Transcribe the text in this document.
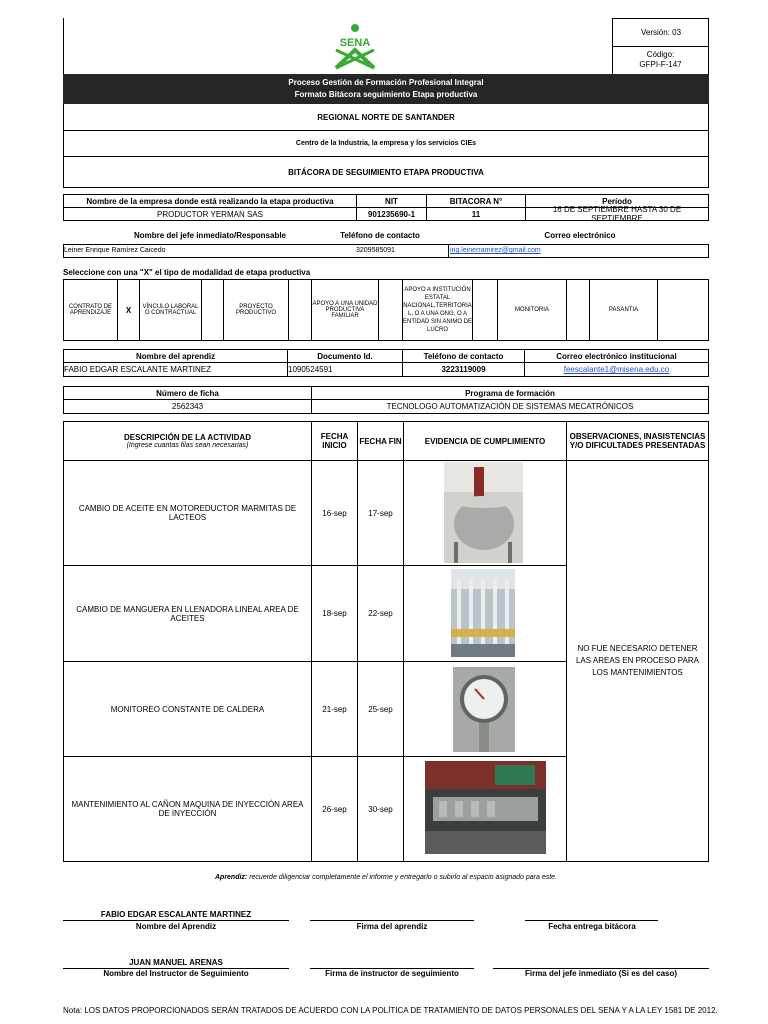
SENA
Versión: 03
Código:
GFPI-F-147
Proceso Gestión de Formación Profesional Integral
Formato Bitácora seguimiento Etapa productiva
REGIONAL NORTE DE SANTANDER
Centro de la Industria, la empresa y los servicios CIEs
BITÁCORA DE SEGUIMIENTO ETAPA PRODUCTIVA
Nombre de la empresa donde está realizando la etapa productiva	NIT	BITACORA N°	Período
PRODUCTOR YERMAN SAS	901235690-1	11	16 DE SEPTIEMBRE HASTA 30 DE SEPTIEMBRE
Nombre del jefe inmediato/Responsable	Teléfono de contacto	Correo electrónico
Leiner Enrique Ramírez Caicedo	3209585091	ing.leinerramirez@gmail.com
Seleccione con una "X" el tipo de modalidad de etapa productiva
CONTRATO DE APRENDIZAJE	X	VÍNCULO LABORAL O CONTRACTUAL
PROYECTO PRODUCTIVO
APOYO A UNA UNIDAD PRODUCTIVA FAMILIAR
APOYO A INSTITUCIÓN ESTATAL NACIONAL,TERRITORIA L, O A UNA ONG, O A ENTIDAD SIN ANIMO DE LUCRO
MONITORIA	PASANTIA
Nombre del aprendiz	Documento Id.	Teléfono de contacto	Correo electrónico institucional
FABIO EDGAR ESCALANTE MARTINEZ	1090524591	3223119009	feescalante1@misena.edu.co
Número de ficha	Programa de formación
2562343	TECNOLOGO AUTOMATIZACIÓN DE SISTEMAS MECATRÓNICOS
DESCRIPCIÓN DE LA ACTIVIDAD
(Ingrese cuantas filas sean necesarias)
FECHA INICIO	FECHA FIN	EVIDENCIA DE CUMPLIMIENTO	OBSERVACIONES, INASISTENCIAS Y/O DIFICULTADES PRESENTADAS
CAMBIO DE ACEITE EN MOTOREDUCTOR MARMITAS DE LACTEOS	16-sep	17-sep
NO FUE NECESARIO DETENER LAS AREAS EN PROCESO PARA LOS MANTENIMIENTOS
CAMBIO DE MANGUERA EN LLENADORA LINEAL AREA DE ACEITES	18-sep	22-sep
MONITOREO CONSTANTE DE CALDERA	21-sep	25-sep
MANTENIMIENTO AL CAÑON MAQUINA DE INYECCIÓN AREA DE INYECCIÓN	26-sep	30-sep
Aprendiz: recuerde diligenciar completamente el informe y entregarlo o subirlo al espacio asignado para este.
FABIO EDGAR ESCALANTE MARTINEZ
Nombre del Aprendiz	Firma del aprendiz	Fecha entrega bitácora
JUAN MANUEL ARENAS
Nombre del Instructor de Seguimiento	Firma de instructor de seguimiento	Firma del jefe inmediato (Si es del caso)
Nota: LOS DATOS PROPORCIONADOS SERÁN TRATADOS DE ACUERDO CON LA POLÍTICA DE TRATAMIENTO DE DATOS PERSONALES DEL SENA Y A LA LEY 1581 DE 2012.
